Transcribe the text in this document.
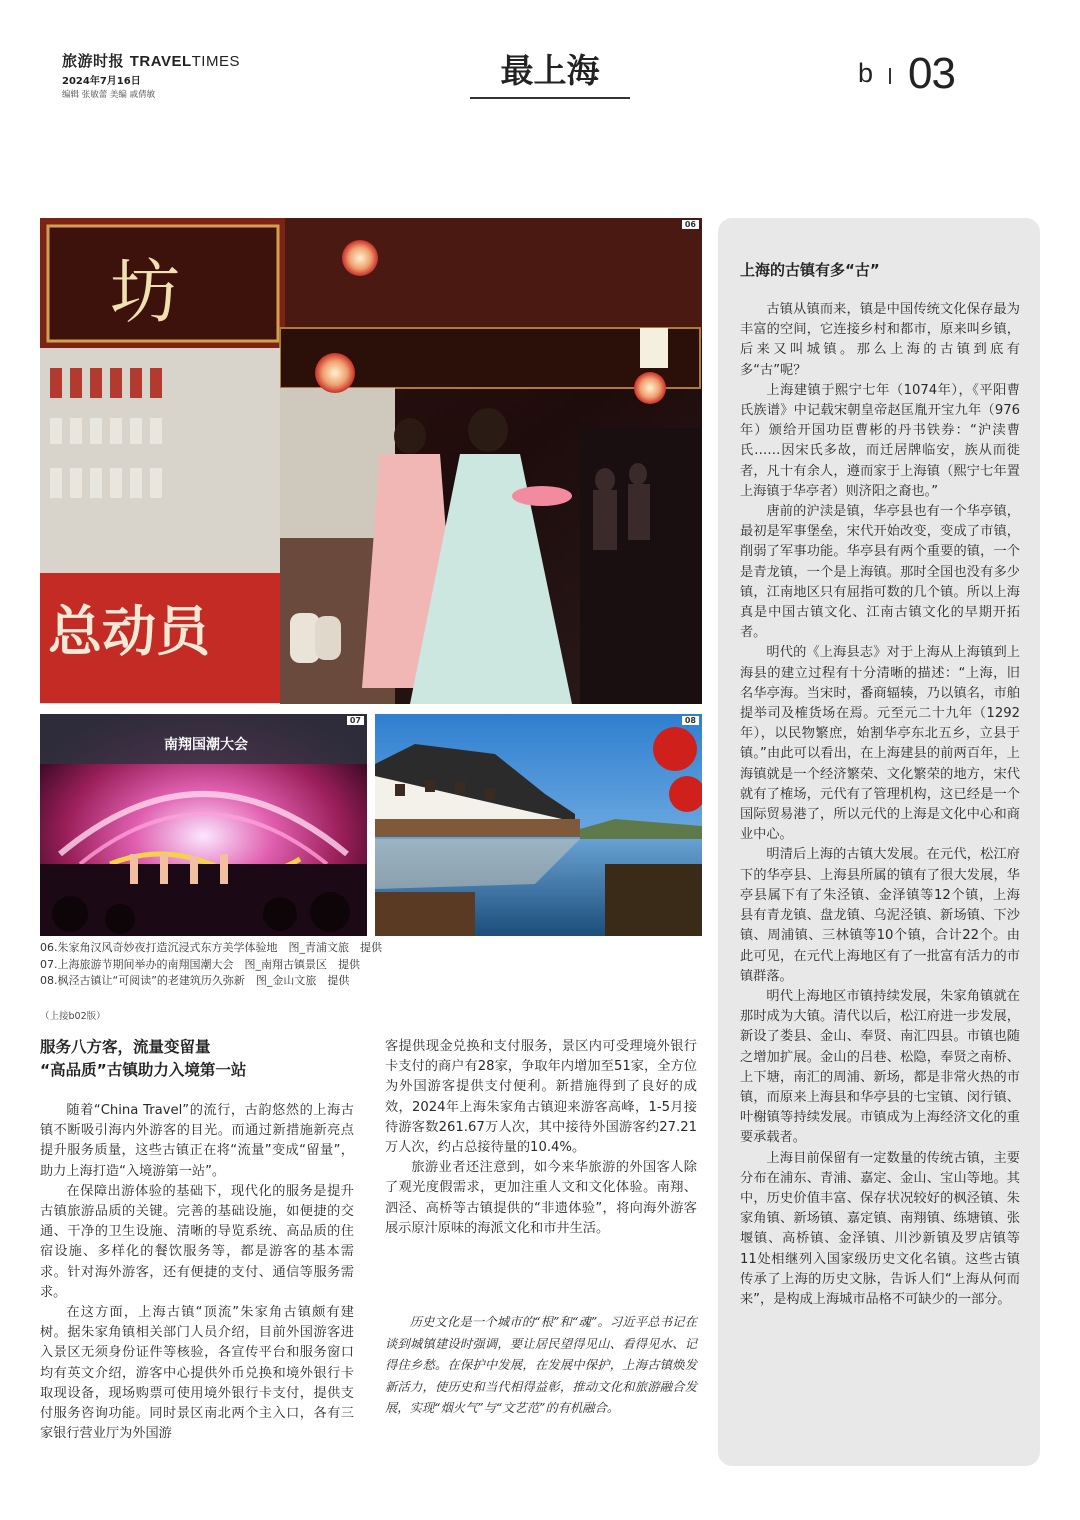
旅游时报 TRAVELTIMES
2024年7月16日
编辑 张敏蕾 美编 戚倩敏
最上海	b 03
坊
总动员
06
南翔国潮大会
07	08
06.朱家角汉风奇妙夜打造沉浸式东方美学体验地　图_青浦文旅　提供
07.上海旅游节期间举办的南翔国潮大会　图_南翔古镇景区　提供
08.枫泾古镇让“可阅读”的老建筑历久弥新　图_金山文旅　提供
（上接b02版）
服务八方客，流量变留量
“高品质”古镇助力入境第一站

随着“China Travel”的流行，古韵悠然的上海古镇不断吸引海内外游客的目光。而通过新措施新亮点提升服务质量，这些古镇正在将“流量”变成“留量”，助力上海打造“入境游第一站”。

在保障出游体验的基础下，现代化的服务是提升古镇旅游品质的关键。完善的基础设施，如便捷的交通、干净的卫生设施、清晰的导览系统、高品质的住宿设施、多样化的餐饮服务等，都是游客的基本需求。针对海外游客，还有便捷的支付、通信等服务需求。

在这方面，上海古镇“顶流”朱家角古镇颇有建树。据朱家角镇相关部门人员介绍，目前外国游客进入景区无须身份证件等核验，各宣传平台和服务窗口均有英文介绍，游客中心提供外币兑换和境外银行卡取现设备，现场购票可使用境外银行卡支付，提供支付服务咨询功能。同时景区南北两个主入口，各有三家银行营业厅为外国游

客提供现金兑换和支付服务，景区内可受理境外银行卡支付的商户有28家，争取年内增加至51家，全方位为外国游客提供支付便利。新措施得到了良好的成效，2024年上海朱家角古镇迎来游客高峰，1-5月接待游客数261.67万人次，其中接待外国游客约27.21万人次，约占总接待量的10.4%。

旅游业者还注意到，如今来华旅游的外国客人除了观光度假需求，更加注重人文和文化体验。南翔、泗泾、高桥等古镇提供的“非遗体验”，将向海外游客展示原汁原味的海派文化和市井生活。

历史文化是一个城市的“根”和“魂”。习近平总书记在谈到城镇建设时强调，要让居民望得见山、看得见水、记得住乡愁。在保护中发展，在发展中保护，上海古镇焕发新活力，使历史和当代相得益彰，推动文化和旅游融合发展，实现“烟火气”与“文艺范”的有机融合。

上海的古镇有多“古”

古镇从镇而来，镇是中国传统文化保存最为丰富的空间，它连接乡村和都市，原来叫乡镇，后来又叫城镇。那么上海的古镇到底有多“古”呢？

上海建镇于熙宁七年（1074年），《平阳曹氏族谱》中记载宋朝皇帝赵匡胤开宝九年（976年）颁给开国功臣曹彬的丹书铁券：“沪渎曹氏……因宋氏多故，而迁居牌临安，族从而徙者，凡十有余人，遵而家于上海镇（熙宁七年置上海镇于华亭者）则济阳之裔也。”

唐前的沪渎是镇，华亭县也有一个华亭镇，最初是军事堡垒，宋代开始改变，变成了市镇，削弱了军事功能。华亭县有两个重要的镇，一个是青龙镇，一个是上海镇。那时全国也没有多少镇，江南地区只有屈指可数的几个镇。所以上海真是中国古镇文化、江南古镇文化的早期开拓者。

明代的《上海县志》对于上海从上海镇到上海县的建立过程有十分清晰的描述：“上海，旧名华亭海。当宋时，番商辐辏，乃以镇名，市舶提举司及榷货场在焉。元至元二十九年（1292年），以民物繁庶，始割华亭东北五乡，立县于镇。”由此可以看出，在上海建县的前两百年，上海镇就是一个经济繁荣、文化繁荣的地方，宋代就有了榷场，元代有了管理机构，这已经是一个国际贸易港了，所以元代的上海是文化中心和商业中心。

明清后上海的古镇大发展。在元代，松江府下的华亭县、上海县所属的镇有了很大发展，华亭县属下有了朱泾镇、金泽镇等12个镇，上海县有青龙镇、盘龙镇、乌泥泾镇、新场镇、下沙镇、周浦镇、三林镇等10个镇，合计22个。由此可见，在元代上海地区有了一批富有活力的市镇群落。

明代上海地区市镇持续发展，朱家角镇就在那时成为大镇。清代以后，松江府进一步发展，新设了娄县、金山、奉贤、南汇四县。市镇也随之增加扩展。金山的吕巷、松隐，奉贤之南桥、上下塘，南汇的周浦、新场，都是非常火热的市镇，而原来上海县和华亭县的七宝镇、闵行镇、叶榭镇等持续发展。市镇成为上海经济文化的重要承载者。

上海目前保留有一定数量的传统古镇，主要分布在浦东、青浦、嘉定、金山、宝山等地。其中，历史价值丰富、保存状况较好的枫泾镇、朱家角镇、新场镇、嘉定镇、南翔镇、练塘镇、张堰镇、高桥镇、金泽镇、川沙新镇及罗店镇等11处相继列入国家级历史文化名镇。这些古镇传承了上海的历史文脉，告诉人们“上海从何而来”，是构成上海城市品格不可缺少的一部分。
